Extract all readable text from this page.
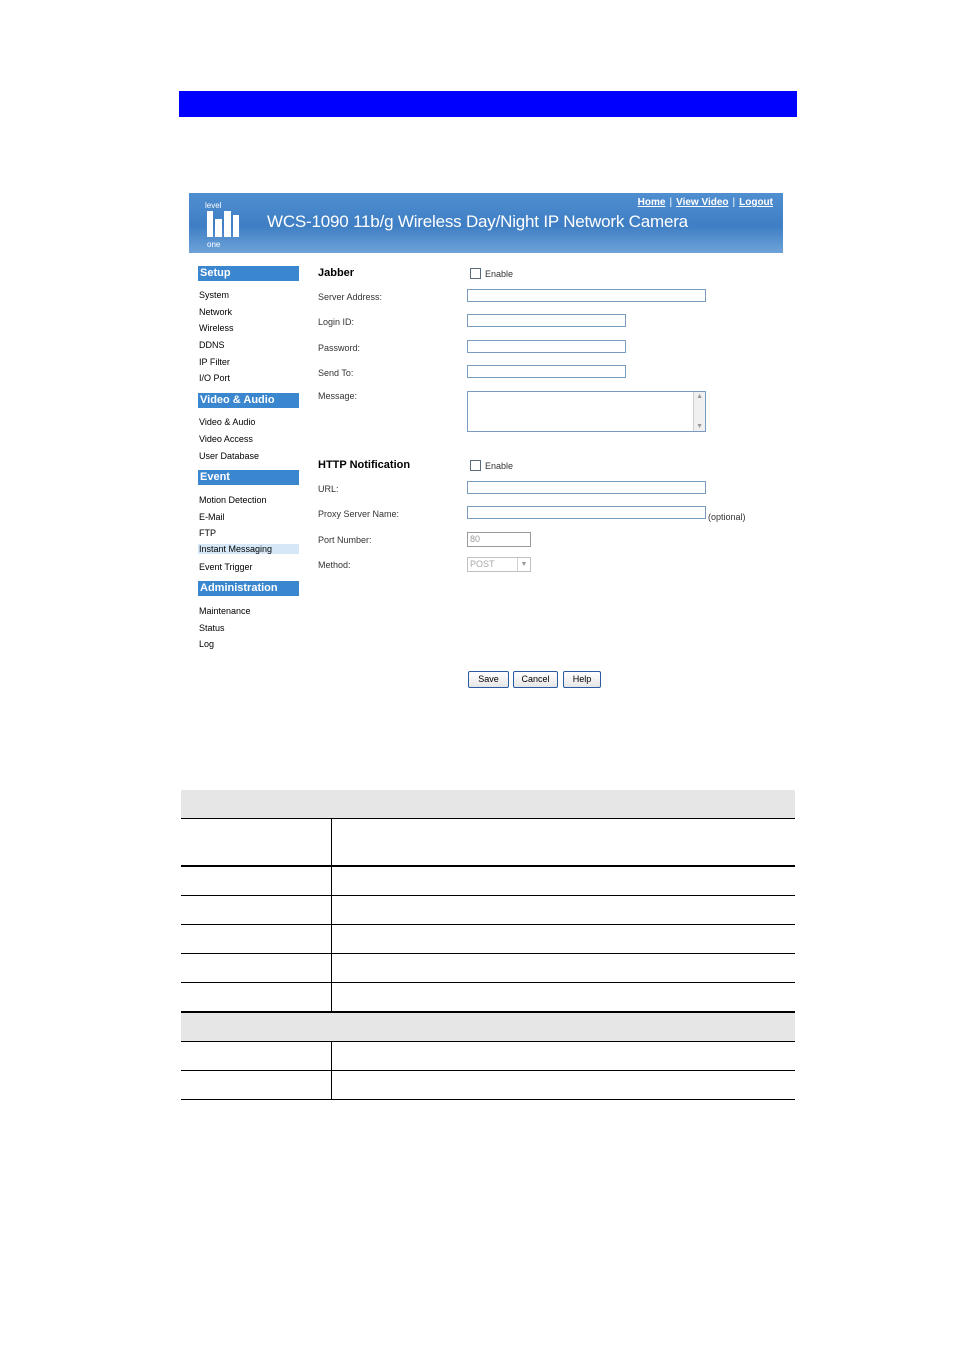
level
one
WCS-1090 11b/g Wireless Day/Night IP Network Camera
Home | View Video | Logout
Setup
System
Network
Wireless
DDNS
IP Filter
I/O Port
Video & Audio
Video & Audio
Video Access
User Database
Event
Motion Detection
E-Mail
FTP
Instant Messaging
Event Trigger
Administration
Maintenance
Status
Log
Jabber	Enable
Server Address:
Login ID:
Password:
Send To:
Message:	▲
▼
HTTP Notification	Enable
URL:
Proxy Server Name:	(optional)
Port Number:	80
Method:	POST	▼
Save	Cancel	Help
